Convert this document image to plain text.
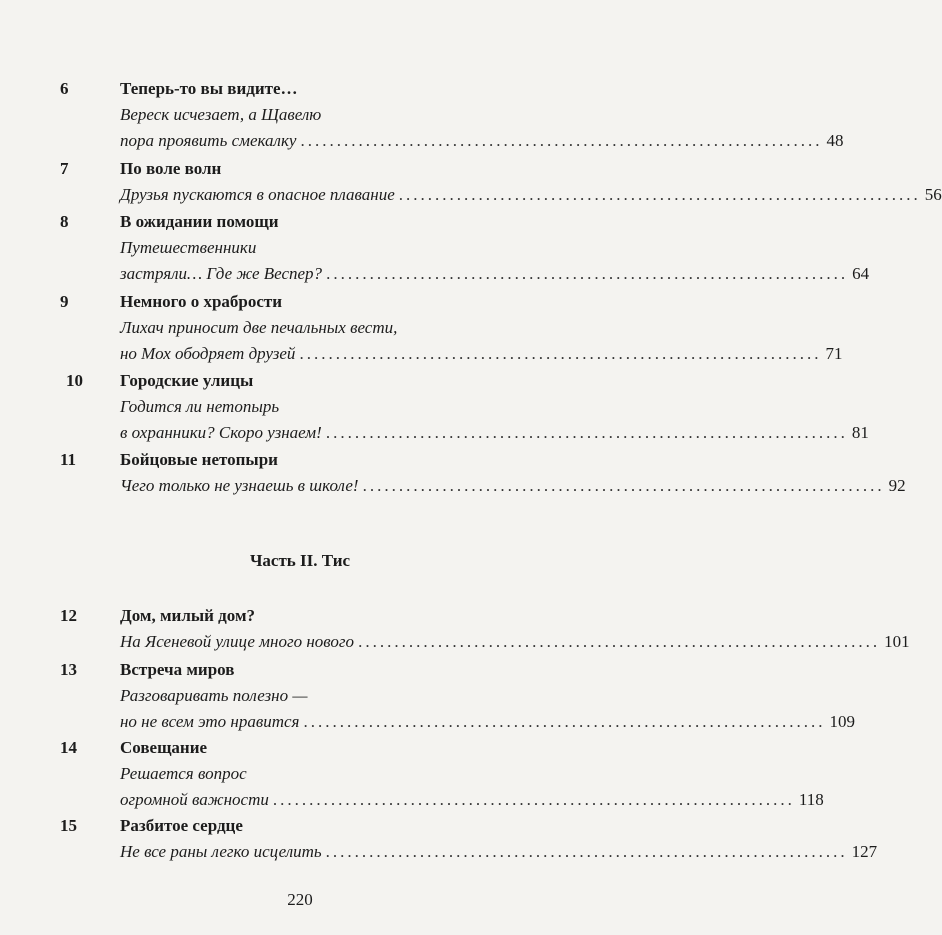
6	Теперь-то вы видите…
Вереск исчезает, а Щавелю
пора проявить смекалку ........................................................................ 48
7	По воле волн
Друзья пускаются в опасное плавание ........................................................................ 56
8	В ожидании помощи
Путешественники
застряли… Где же Веспер? ........................................................................ 64
9	Немного о храбрости
Лихач приносит две печальных вести,
но Мох ободряет друзей ........................................................................ 71
10 Городские улицы
Годится ли нетопырь
в охранники? Скоро узнаем! ........................................................................ 81
11	Бойцовые нетопыри
Чего только не узнаешь в школе! ........................................................................ 92
Часть II. Тис
12	Дом, милый дом?
На Ясеневой улице много нового ........................................................................ 101
13	Встреча миров
Разговаривать полезно —
но не всем это нравится ........................................................................ 109
14	Совещание
Решается вопрос
огромной важности ........................................................................ 118
15	Разбитое сердце
Не все раны легко исцелить ........................................................................ 127
220
